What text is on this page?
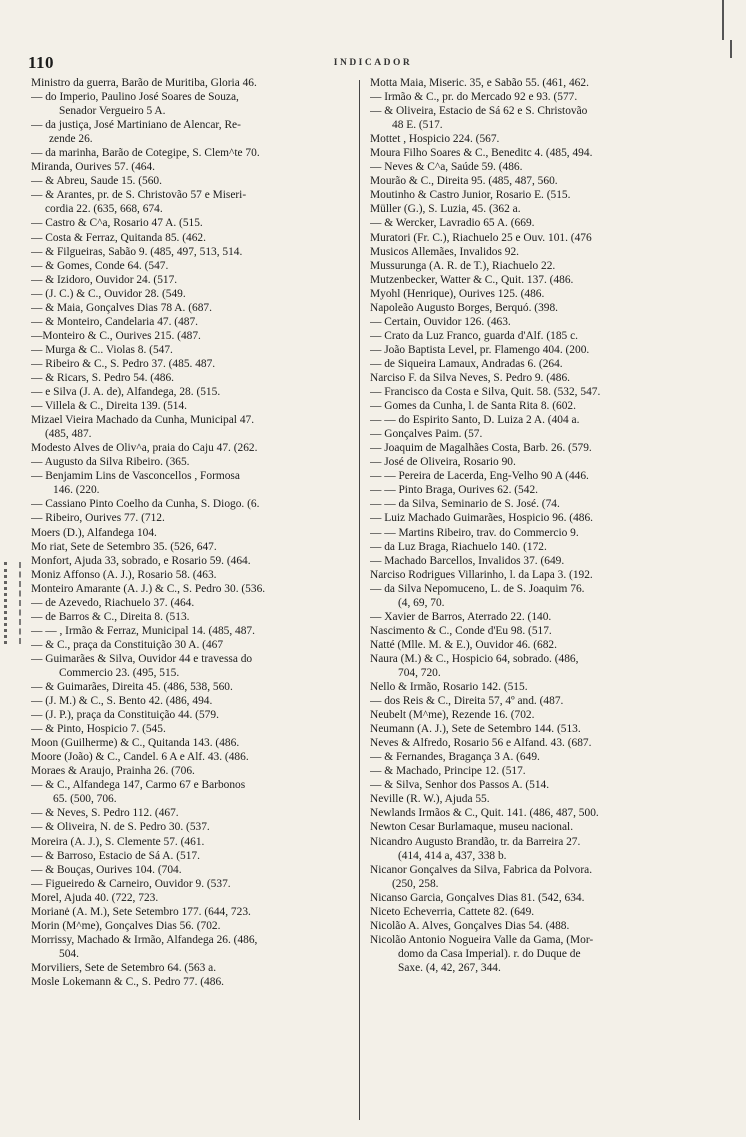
110	INDICADOR
Ministro da guerra, Barão de Muritiba, Gloria 46.
— do Imperio, Paulino José Soares de Souza,
Senador Vergueiro 5 A.
— da justiça, José Martiniano de Alencar, Re-
zende 26.
— da marinha, Barão de Cotegipe, S. Clem^te 70.
Miranda, Ourives 57. (464.
— & Abreu, Saude 15. (560.
— & Arantes, pr. de S. Christovão 57 e Miseri-
cordia 22. (635, 668, 674.
— Castro & C^a, Rosario 47 A. (515.
— Costa & Ferraz, Quitanda 85. (462.
— & Filgueiras, Sabão 9. (485, 497, 513, 514.
— & Gomes, Conde 64. (547.
— & Izidoro, Ouvidor 24. (517.
— (J. C.) & C., Ouvidor 28. (549.
— & Maia, Gonçalves Dias 78 A. (687.
— & Monteiro, Candelaria 47. (487.
—Monteiro & C., Ourives 215. (487.
— Murga & C.. Violas 8. (547.
— Ribeiro & C., S. Pedro 37. (485. 487.
— & Ricars, S. Pedro 54. (486.
— e Silva (J. A. de), Alfandega, 28. (515.
— Villela & C., Direita 139. (514.
Mizael Vieira Machado da Cunha, Municipal 47.
(485, 487.
Modesto Alves de Oliv^a, praia do Caju 47. (262.
— Augusto da Silva Ribeiro. (365.
— Benjamim Lins de Vasconcellos , Formosa
146. (220.
— Cassiano Pinto Coelho da Cunha, S. Diogo. (6.
— Ribeiro, Ourives 77. (712.
Moers (D.), Alfandega 104.
Mo riat, Sete de Setembro 35. (526, 647.
Monfort, Ajuda 33, sobrado, e Rosario 59. (464.
Moniz Affonso (A. J.), Rosario 58. (463.
Monteiro Amarante (A. J.) & C., S. Pedro 30. (536.
— de Azevedo, Riachuelo 37. (464.
— de Barros & C., Direita 8. (513.
— — , Irmão & Ferraz, Municipal 14. (485, 487.
— & C., praça da Constituição 30 A. (467
— Guimarães & Silva, Ouvidor 44 e travessa do
Commercio 23. (495, 515.
— & Guimarães, Direita 45. (486, 538, 560.
— (J. M.) & C., S. Bento 42. (486, 494.
— (J. P.), praça da Constituição 44. (579.
— & Pinto, Hospicio 7. (545.
Moon (Guilherme) & C., Quitanda 143. (486.
Moore (João) & C., Candel. 6 A e Alf. 43. (486.
Moraes & Araujo, Prainha 26. (706.
— & C., Alfandega 147, Carmo 67 e Barbonos
65. (500, 706.
— & Neves, S. Pedro 112. (467.
— & Oliveira, N. de S. Pedro 30. (537.
Moreira (A. J.), S. Clemente 57. (461.
— & Barroso, Estacio de Sá A. (517.
— & Bouças, Ourives 104. (704.
— Figueiredo & Carneiro, Ouvidor 9. (537.
Morel, Ajuda 40. (722, 723.
Morianė (A. M.), Sete Setembro 177. (644, 723.
Morin (M^me), Gonçalves Dias 56. (702.
Morrissy, Machado & Irmão, Alfandega 26. (486,
504.
Morviliers, Sete de Setembro 64. (563 a.
Mosle Lokemann & C., S. Pedro 77. (486.
Motta Maia, Miseric. 35, e Sabão 55. (461, 462.
— Irmão & C., pr. do Mercado 92 e 93. (577.
— & Oliveira, Estacio de Sá 62 e S. Christovão
48 E. (517.
Mottet , Hospicio 224. (567.
Moura Filho Soares & C., Beneditc 4. (485, 494.
— Neves & C^a, Saúde 59. (486.
Mourão & C., Direita 95. (485, 487, 560.
Moutinho & Castro Junior, Rosario E. (515.
Müller (G.), S. Luzia, 45. (362 a.
— & Wercker, Lavradio 65 A. (669.
Muratori (Fr. C.), Riachuelo 25 e Ouv. 101. (476
Musicos Allemães, Invalidos 92.
Mussurunga (A. R. de T.), Riachuelo 22.
Mutzenbecker, Watter & C., Quit. 137. (486.
Myohl (Henrique), Ourives 125. (486.
Napoleão Augusto Borges, Berquó. (398.
— Certain, Ouvidor 126. (463.
— Crato da Luz Franco, guarda d'Alf. (185 c.
— João Baptista Level, pr. Flamengo 404. (200.
— de Siqueira Lamaux, Andradas 6. (264.
Narciso F. da Silva Neves, S. Pedro 9. (486.
— Francisco da Costa e Silva, Quit. 58. (532, 547.
— Gomes da Cunha, l. de Santa Rita 8. (602.
— — do Espirito Santo, D. Luiza 2 A. (404 a.
— Gonçalves Paim. (57.
— Joaquim de Magalhães Costa, Barb. 26. (579.
— José de Oliveira, Rosario 90.
— — Pereira de Lacerda, Eng-Velho 90 A (446.
— — Pinto Braga, Ourives 62. (542.
— — da Silva, Seminario de S. José. (74.
— Luiz Machado Guimarães, Hospicio 96. (486.
— — Martins Ribeiro, trav. do Commercio 9.
— da Luz Braga, Riachuelo 140. (172.
— Machado Barcellos, Invalidos 37. (649.
Narciso Rodrigues Villarinho, l. da Lapa 3. (192.
— da Silva Nepomuceno, L. de S. Joaquim 76.
(4, 69, 70.
— Xavier de Barros, Aterrado 22. (140.
Nascimento & C., Conde d'Eu 98. (517.
Natté (Mlle. M. & E.), Ouvidor 46. (682.
Naura (M.) & C., Hospicio 64, sobrado. (486,
704, 720.
Nello & Irmão, Rosario 142. (515.
— dos Reis & C., Direita 57, 4º and. (487.
Neubelt (M^me), Rezende 16. (702.
Neumann (A. J.), Sete de Setembro 144. (513.
Neves & Alfredo, Rosario 56 e Alfand. 43. (687.
— & Fernandes, Bragança 3 A. (649.
— & Machado, Principe 12. (517.
— & Silva, Senhor dos Passos A. (514.
Neville (R. W.), Ajuda 55.
Newlands Irmãos & C., Quit. 141. (486, 487, 500.
Newton Cesar Burlamaque, museu nacional.
Nicandro Augusto Brandão, tr. da Barreira 27.
(414, 414 a, 437, 338 b.
Nicanor Gonçalves da Silva, Fabrica da Polvora.
(250, 258.
Nicanso Garcia, Gonçalves Dias 81. (542, 634.
Niceto Echeverria, Cattete 82. (649.
Nicolão A. Alves, Gonçalves Dias 54. (488.
Nicolão Antonio Nogueira Valle da Gama, (Mor-
domo da Casa Imperial). r. do Duque de
Saxe. (4, 42, 267, 344.
